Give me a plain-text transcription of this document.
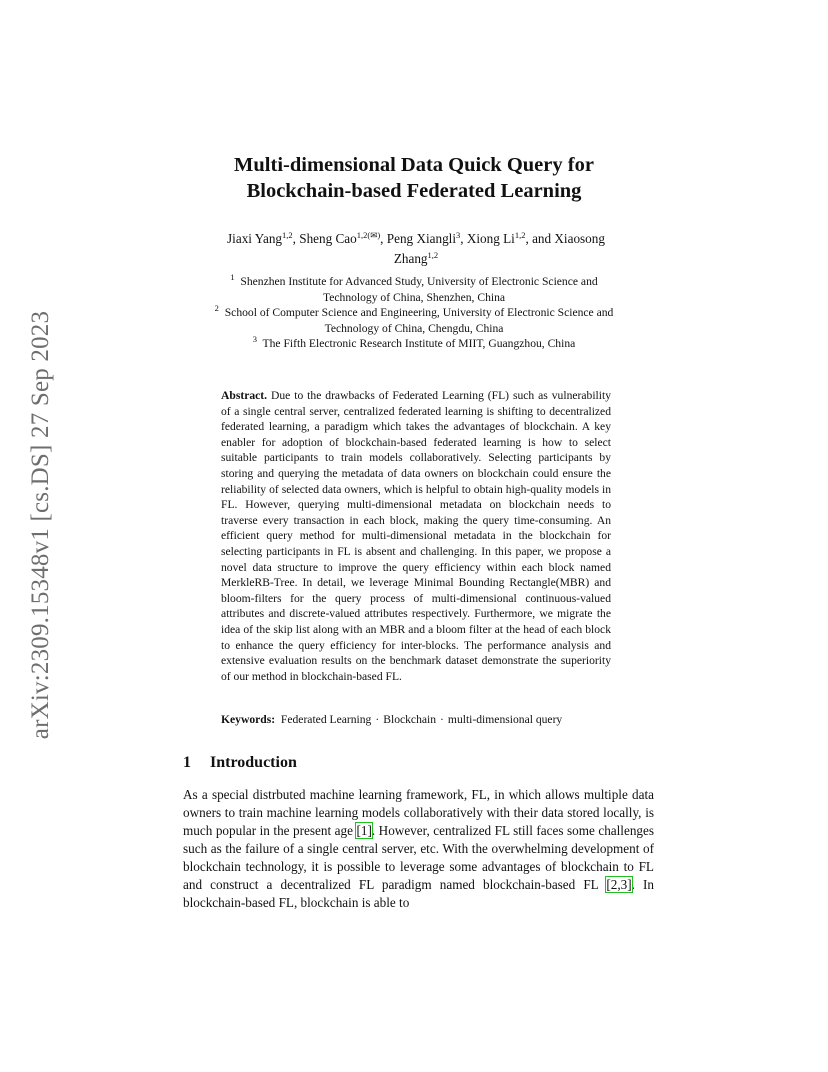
arXiv:2309.15348v1 [cs.DS] 27 Sep 2023
Multi-dimensional Data Quick Query for
Blockchain-based Federated Learning
Jiaxi Yang$^{1,2}$, Sheng Cao$^{1,2(✉)}$, Peng Xiangli$^3$, Xiong Li$^{1,2}$, and Xiaosong
Zhang$^{1,2}$
$^1$ Shenzhen Institute for Advanced Study, University of Electronic Science and
Technology of China, Shenzhen, China
$^2$ School of Computer Science and Engineering, University of Electronic Science and
Technology of China, Chengdu, China
$^3$ The Fifth Electronic Research Institute of MIIT, Guangzhou, China
Abstract. Due to the drawbacks of Federated Learning (FL) such as vulnerability of a single central server, centralized federated learning is shifting to decentralized federated learning, a paradigm which takes the advantages of blockchain. A key enabler for adoption of blockchain-based federated learning is how to select suitable participants to train models collaboratively. Selecting participants by storing and querying the metadata of data owners on blockchain could ensure the reliability of selected data owners, which is helpful to obtain high-quality models in FL. However, querying multi-dimensional metadata on blockchain needs to traverse every transaction in each block, making the query time-consuming. An efficient query method for multi-dimensional metadata in the blockchain for selecting participants in FL is absent and challenging. In this paper, we propose a novel data structure to improve the query efficiency within each block named MerkleRB-Tree. In detail, we leverage Minimal Bounding Rectangle(MBR) and bloom-filters for the query process of multi-dimensional continuous-valued attributes and discrete-valued attributes respectively. Furthermore, we migrate the idea of the skip list along with an MBR and a bloom filter at the head of each block to enhance the query efficiency for inter-blocks. The performance analysis and extensive evaluation results on the benchmark dataset demonstrate the superiority of our method in blockchain-based FL.
Keywords: Federated Learning · Blockchain · multi-dimensional query
1 Introduction
As a special distrbuted machine learning framework, FL, in which allows multiple data owners to train machine learning models collaboratively with their data stored locally, is much popular in the present age [1]. However, centralized FL still faces some challenges such as the failure of a single central server, etc. With the overwhelming development of blockchain technology, it is possible to leverage some advantages of blockchain to FL and construct a decentralized FL paradigm named blockchain-based FL [2,3]. In blockchain-based FL, blockchain is able to
